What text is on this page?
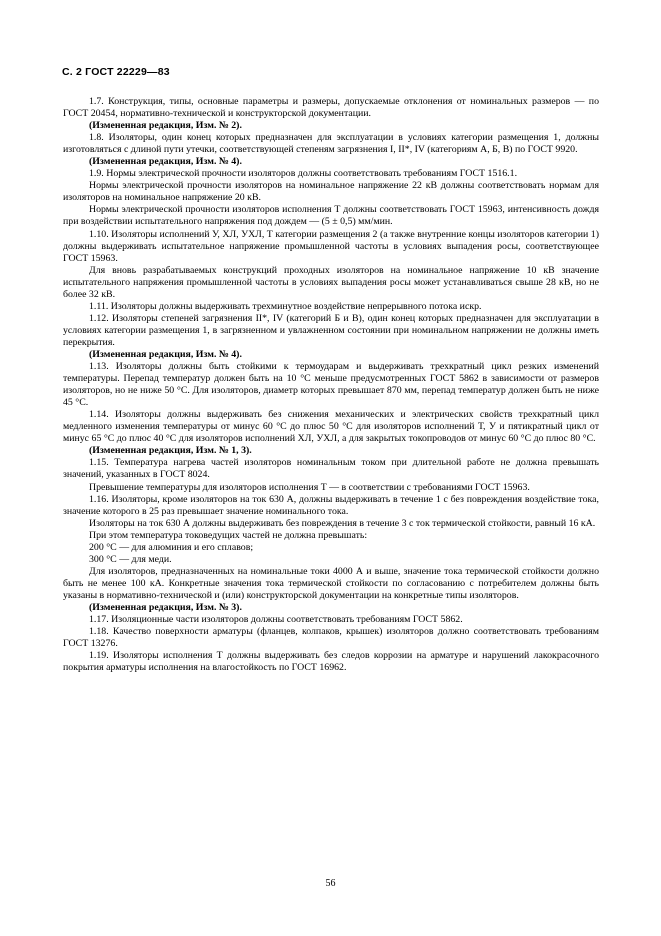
С. 2 ГОСТ 22229—83

1.7. Конструкция, типы, основные параметры и размеры, допускаемые отклонения от номинальных размеров — по ГОСТ 20454, нормативно-технической и конструкторской документации.

(Измененная редакция, Изм. № 2).

1.8. Изоляторы, один конец которых предназначен для эксплуатации в условиях категории размещения 1, должны изготовляться с длиной пути утечки, соответствующей степеням загрязнения I, II*, IV (категориям А, Б, В) по ГОСТ 9920.

(Измененная редакция, Изм. № 4).

1.9. Нормы электрической прочности изоляторов должны соответствовать требованиям ГОСТ 1516.1.

Нормы электрической прочности изоляторов на номинальное напряжение 22 кВ должны соответствовать нормам для изоляторов на номинальное напряжение 20 кВ.

Нормы электрической прочности изоляторов исполнения Т должны соответствовать ГОСТ 15963, интенсивность дождя при воздействии испытательного напряжения под дождем — (5 ± 0,5) мм/мин.

1.10. Изоляторы исполнений У, ХЛ, УХЛ, Т категории размещения 2 (а также внутренние концы изоляторов категории 1) должны выдерживать испытательное напряжение промышленной частоты в условиях выпадения росы, соответствующее ГОСТ 15963.

Для вновь разрабатываемых конструкций проходных изоляторов на номинальное напряжение 10 кВ значение испытательного напряжения промышленной частоты в условиях выпадения росы может устанавливаться свыше 28 кВ, но не более 32 кВ.

1.11. Изоляторы должны выдерживать трехминутное воздействие непрерывного потока искр.

1.12. Изоляторы степеней загрязнения II*, IV (категорий Б и В), один конец которых предназначен для эксплуатации в условиях категории размещения 1, в загрязненном и увлажненном состоянии при номинальном напряжении не должны иметь перекрытия.

(Измененная редакция, Изм. № 4).

1.13. Изоляторы должны быть стойкими к термоударам и выдерживать трехкратный цикл резких изменений температуры. Перепад температур должен быть на 10 °С меньше предусмотренных ГОСТ 5862 в зависимости от размеров изоляторов, но не ниже 50 °С. Для изоляторов, диаметр которых превышает 870 мм, перепад температур должен быть не ниже 45 °С.

1.14. Изоляторы должны выдерживать без снижения механических и электрических свойств трехкратный цикл медленного изменения температуры от минус 60 °С до плюс 50 °С для изоляторов исполнений Т, У и пятикратный цикл от минус 65 °С до плюс 40 °С для изоляторов исполнений ХЛ, УХЛ, а для закрытых токопроводов от минус 60 °С до плюс 80 °С.

(Измененная редакция, Изм. № 1, 3).

1.15. Температура нагрева частей изоляторов номинальным током при длительной работе не должна превышать значений, указанных в ГОСТ 8024.

Превышение температуры для изоляторов исполнения Т — в соответствии с требованиями ГОСТ 15963.

1.16. Изоляторы, кроме изоляторов на ток 630 А, должны выдерживать в течение 1 с без повреждения воздействие тока, значение которого в 25 раз превышает значение номинального тока.

Изоляторы на ток 630 А должны выдерживать без повреждения в течение 3 с ток термической стойкости, равный 16 кА.

При этом температура токоведущих частей не должна превышать:

200 °С — для алюминия и его сплавов;

300 °С — для меди.

Для изоляторов, предназначенных на номинальные токи 4000 А и выше, значение тока термической стойкости должно быть не менее 100 кА. Конкретные значения тока термической стойкости по согласованию с потребителем должны быть указаны в нормативно-технической и (или) конструкторской документации на конкретные типы изоляторов.

(Измененная редакция, Изм. № 3).

1.17. Изоляционные части изоляторов должны соответствовать требованиям ГОСТ 5862.

1.18. Качество поверхности арматуры (фланцев, колпаков, крышек) изоляторов должно соответствовать требованиям ГОСТ 13276.

1.19. Изоляторы исполнения Т должны выдерживать без следов коррозии на арматуре и нарушений лакокрасочного покрытия арматуры исполнения на влагостойкость по ГОСТ 16962.

56
